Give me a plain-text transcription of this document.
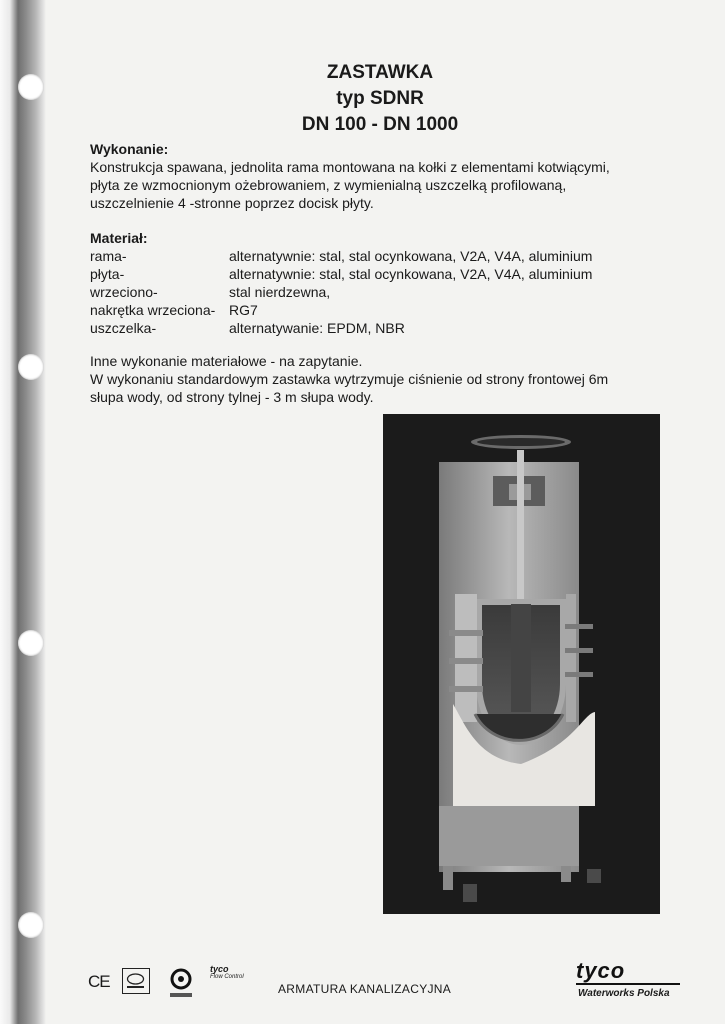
ZASTAWKA
typ SDNR
DN 100 - DN 1000
Wykonanie:

Konstrukcja spawana, jednolita rama montowana na kołki z elementami kotwiącymi,

płyta ze wzmocnionym ożebrowaniem, z wymienialną uszczelką profilowaną,

uszczelnienie 4 -stronne poprzez docisk płyty.

Materiał:
rama-	alternatywnie: stal, stal ocynkowana, V2A, V4A, aluminium
płyta-	alternatywnie: stal, stal ocynkowana, V2A, V4A, aluminium
wrzeciono-	stal nierdzewna,
nakrętka wrzeciona- RG7
uszczelka-	alternatywanie: EPDM, NBR

Inne wykonanie materiałowe - na zapytanie.

W wykonaniu standardowym zastawka wytrzymuje ciśnienie od strony frontowej 6m

słupa wody, od strony tylnej - 3 m słupa wody.

CE
tyco
Flow Control
ARMATURA KANALIZACYJNA
tyco
Waterworks Polska
